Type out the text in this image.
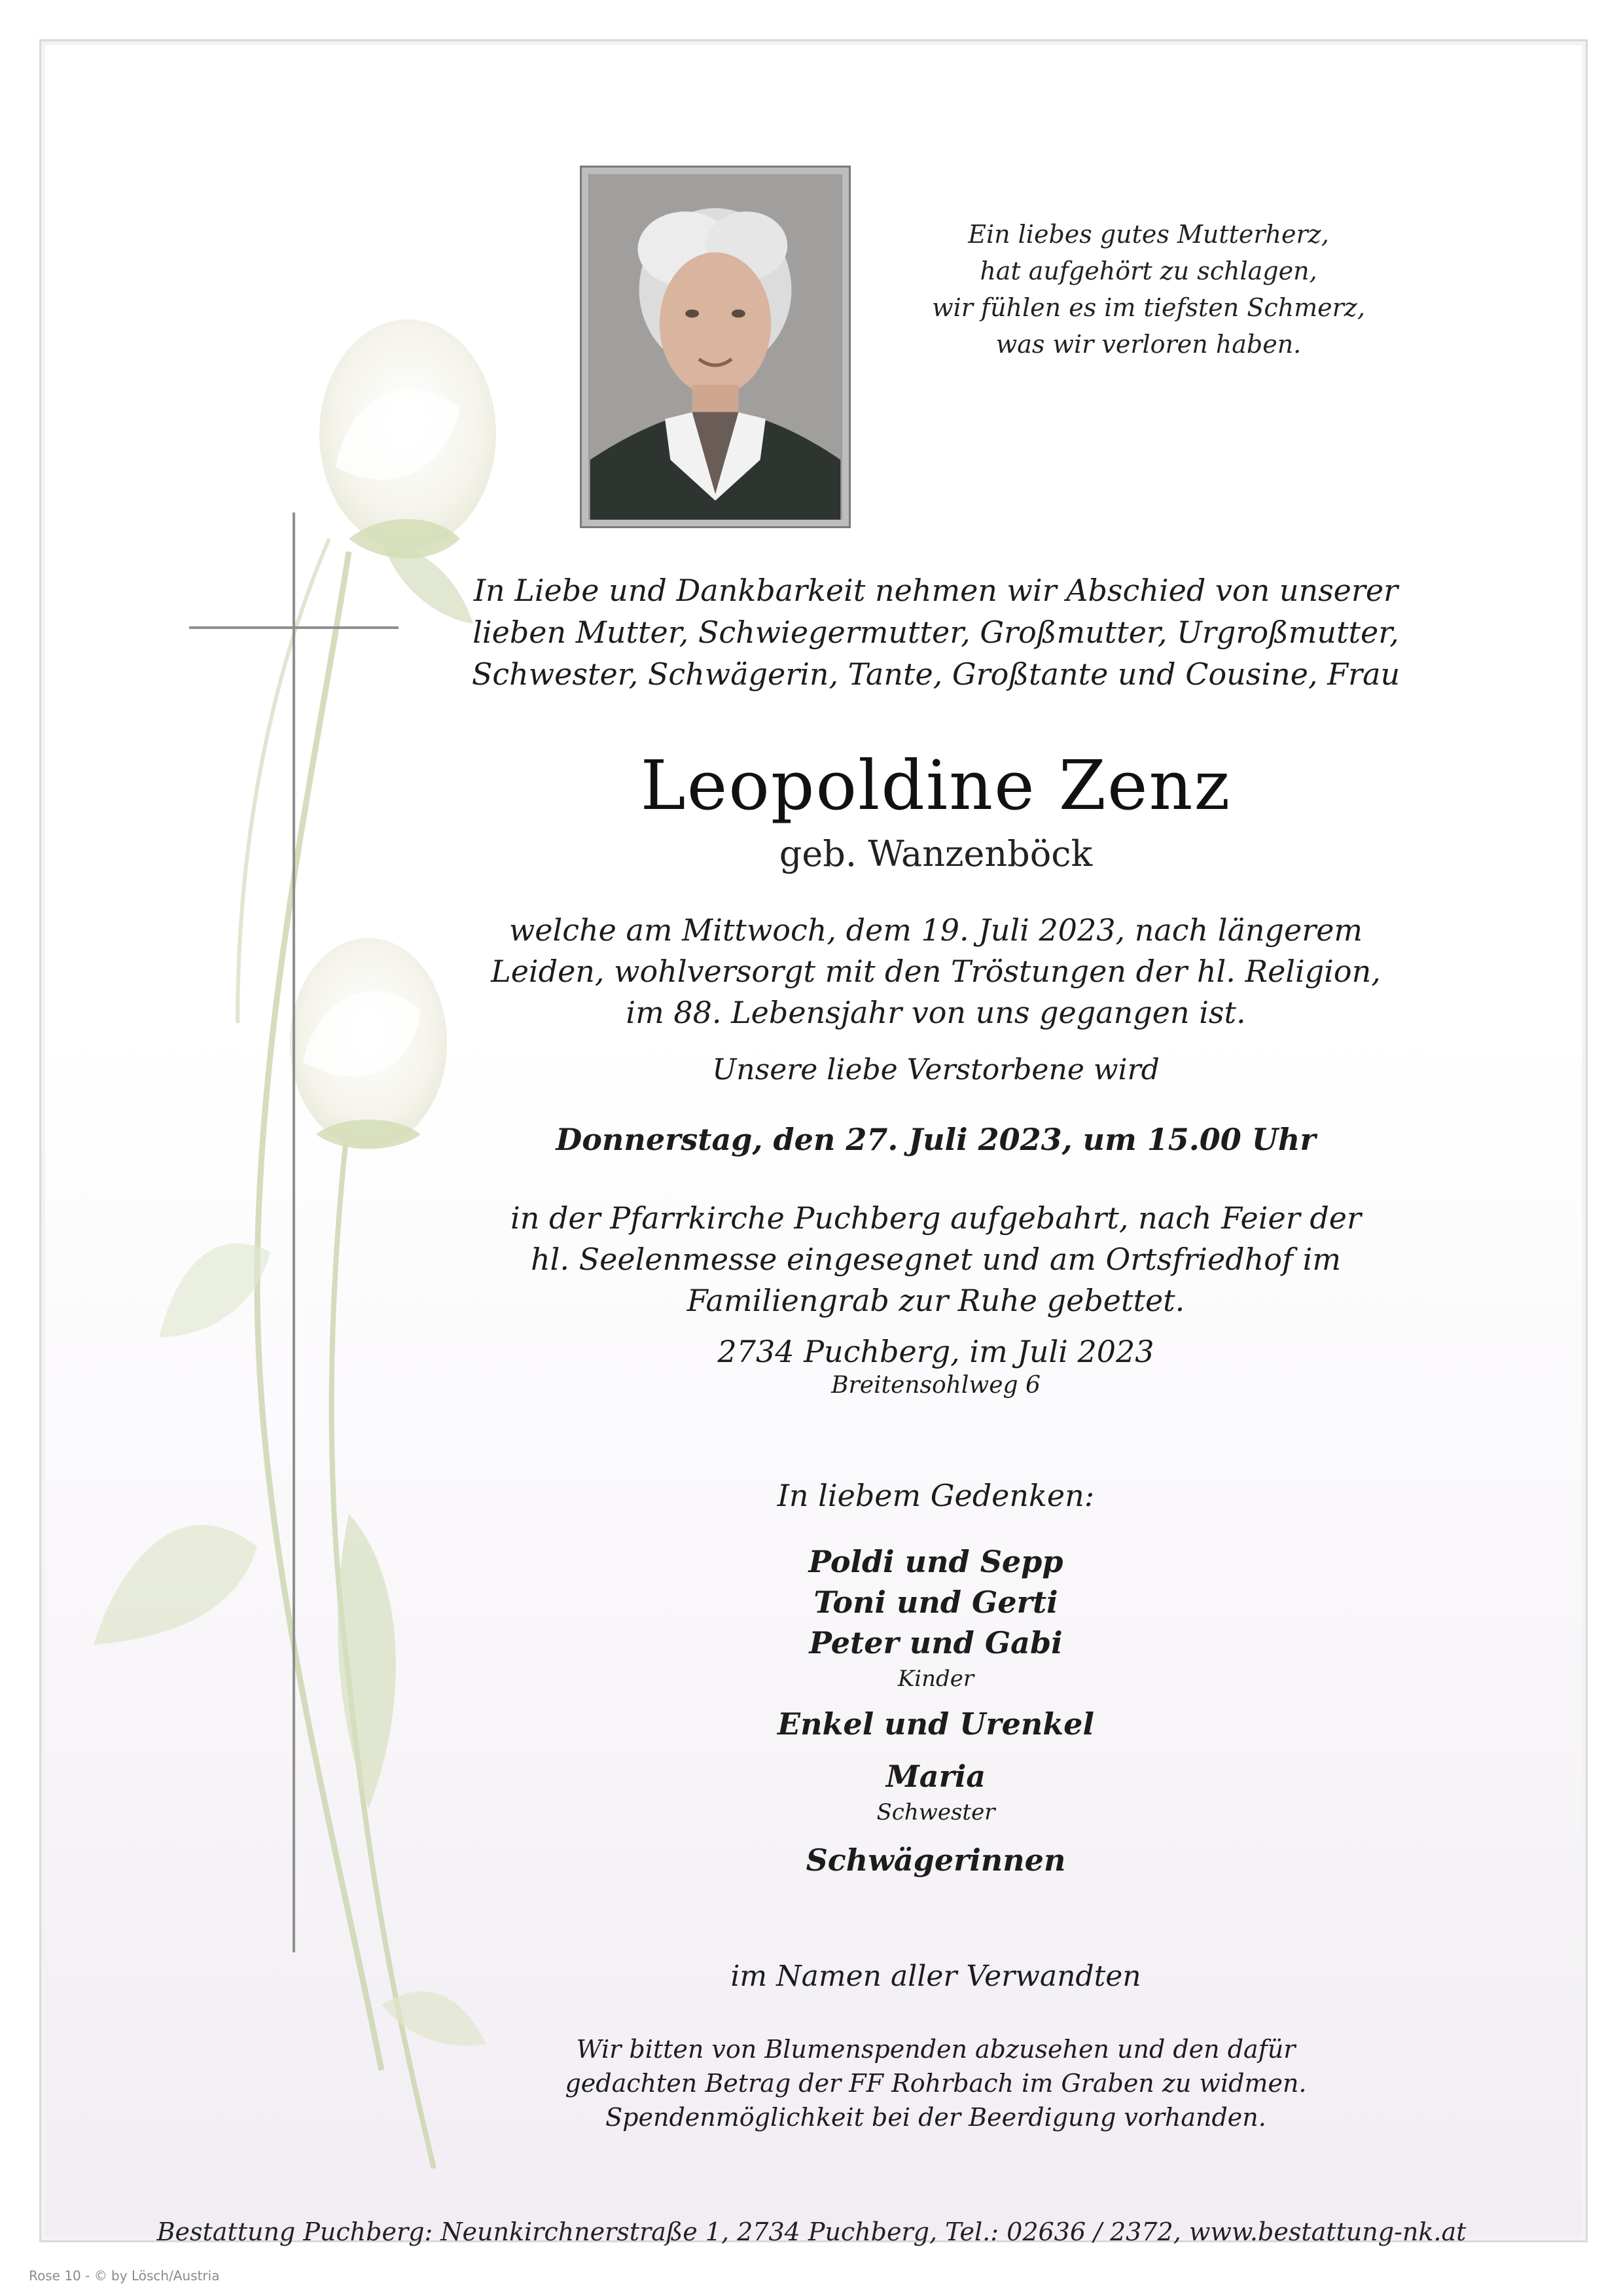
Ein liebes gutes Mutterherz,
hat aufgehört zu schlagen,
wir fühlen es im tiefsten Schmerz,
was wir verloren haben.
In Liebe und Dankbarkeit nehmen wir Abschied von unserer
lieben Mutter, Schwiegermutter, Großmutter, Urgroßmutter,
Schwester, Schwägerin, Tante, Großtante und Cousine, Frau
Leopoldine Zenz
geb. Wanzenböck
welche am Mittwoch, dem 19. Juli 2023, nach längerem
Leiden, wohlversorgt mit den Tröstungen der hl. Religion,
im 88. Lebensjahr von uns gegangen ist.
Unsere liebe Verstorbene wird
Donnerstag, den 27. Juli 2023, um 15.00 Uhr
in der Pfarrkirche Puchberg aufgebahrt, nach Feier der
hl. Seelenmesse eingesegnet und am Ortsfriedhof im
Familiengrab zur Ruhe gebettet.
2734 Puchberg, im Juli 2023
Breitensohlweg 6
In liebem Gedenken:
Poldi und Sepp
Toni und Gerti
Peter und Gabi
Kinder
Enkel und Urenkel
Maria
Schwester
Schwägerinnen
im Namen aller Verwandten
Wir bitten von Blumenspenden abzusehen und den dafür
gedachten Betrag der FF Rohrbach im Graben zu widmen.
Spendenmöglichkeit bei der Beerdigung vorhanden.
Bestattung Puchberg: Neunkirchnerstraße 1, 2734 Puchberg, Tel.: 02636 / 2372, www.bestattung-nk.at
Rose 10 - © by Lösch/Austria
